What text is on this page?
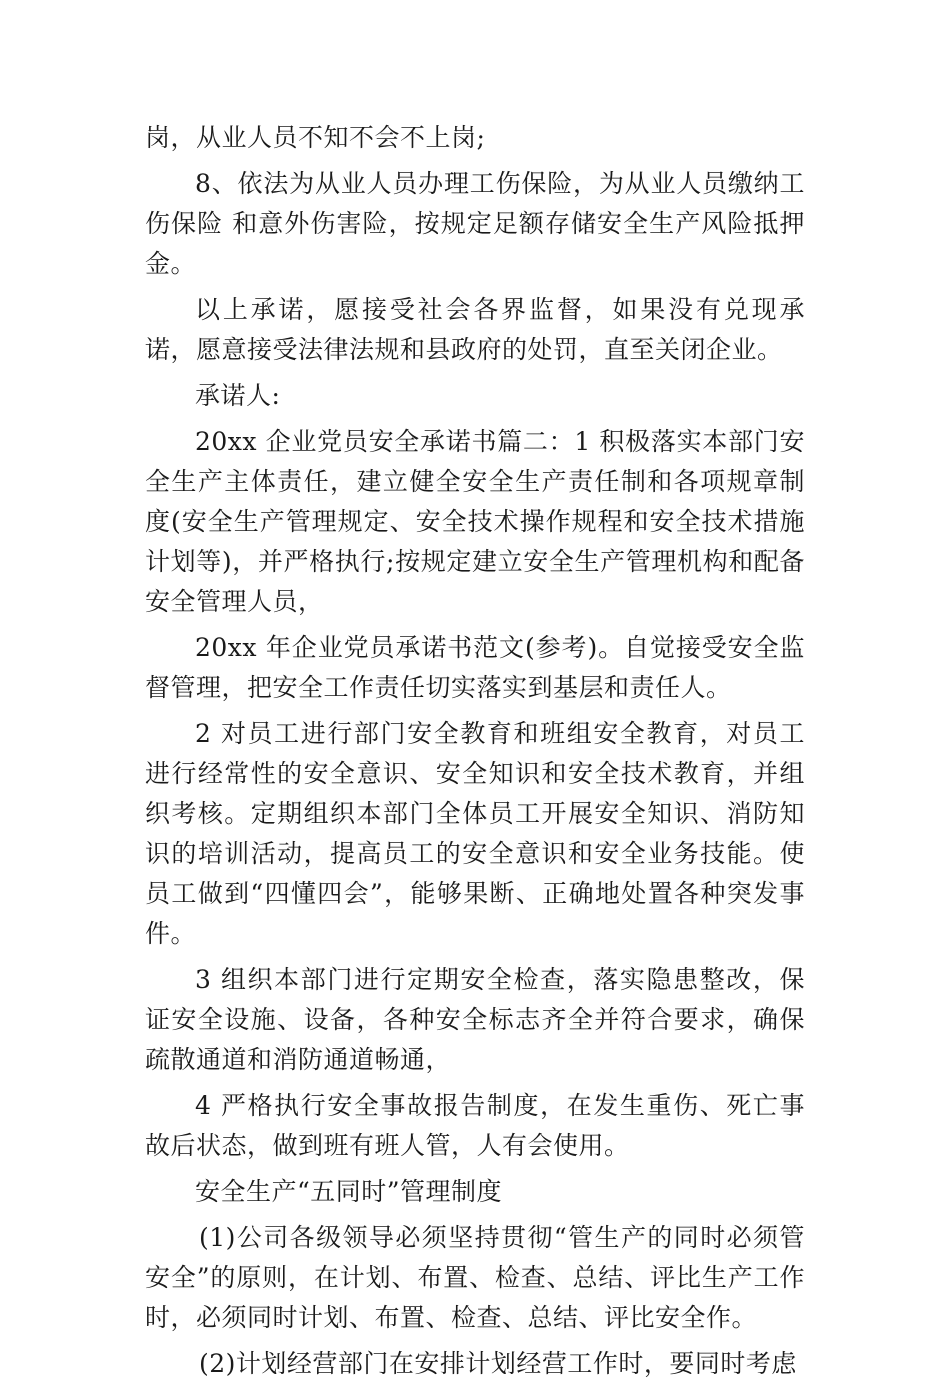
岗，从业人员不知不会不上岗;

8、依法为从业人员办理工伤保险，为从业人员缴纳工伤保险 和意外伤害险，按规定足额存储安全生产风险抵押金。

以上承诺，愿接受社会各界监督，如果没有兑现承诺，愿意接受法律法规和县政府的处罚，直至关闭企业。

承诺人:

20xx 企业党员安全承诺书篇二：1 积极落实本部门安全生产主体责任，建立健全安全生产责任制和各项规章制度(安全生产管理规定、安全技术操作规程和安全技术措施计划等)，并严格执行;按规定建立安全生产管理机构和配备安全管理人员，

20xx 年企业党员承诺书范文(参考)。自觉接受安全监督管理，把安全工作责任切实落实到基层和责任人。

2 对员工进行部门安全教育和班组安全教育，对员工进行经常性的安全意识、安全知识和安全技术教育，并组织考核。定期组织本部门全体员工开展安全知识、消防知识的培训活动，提高员工的安全意识和安全业务技能。使员工做到“四懂四会”，能够果断、正确地处置各种突发事件。

3 组织本部门进行定期安全检查，落实隐患整改，保证安全设施、设备，各种安全标志齐全并符合要求，确保疏散通道和消防通道畅通，

4 严格执行安全事故报告制度，在发生重伤、死亡事故后状态，做到班有班人管，人有会使用。

安全生产“五同时”管理制度

(1)公司各级领导必须坚持贯彻“管生产的同时必须管安全”的原则，在计划、布置、检查、总结、评比生产工作时，必须同时计划、布置、检查、总结、评比安全作。

(2)计划经营部门在安排计划经营工作时，要同时考虑
